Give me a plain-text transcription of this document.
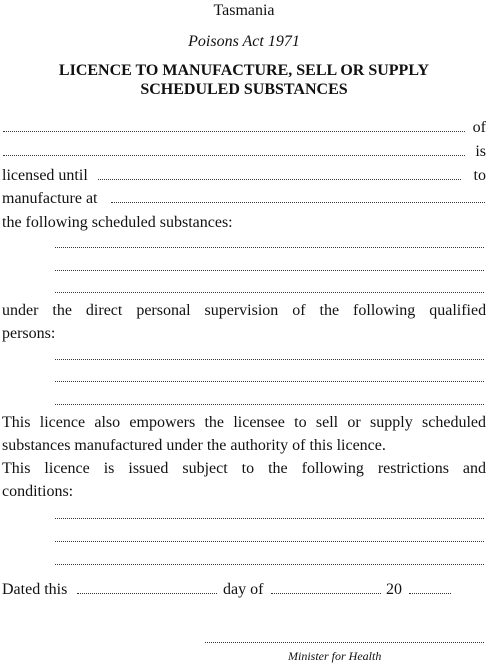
Tasmania
Poisons Act 1971
LICENCE TO MANUFACTURE, SELL OR SUPPLY
SCHEDULED SUBSTANCES
of
is
licensed until	to
manufacture at
the following scheduled substances:
under the direct personal supervision of the following qualified
persons:
This licence also empowers the licensee to sell or supply scheduled
substances manufactured under the authority of this licence.
This licence is issued subject to the following restrictions and
conditions:
Dated this	day of	20
Minister for Health
